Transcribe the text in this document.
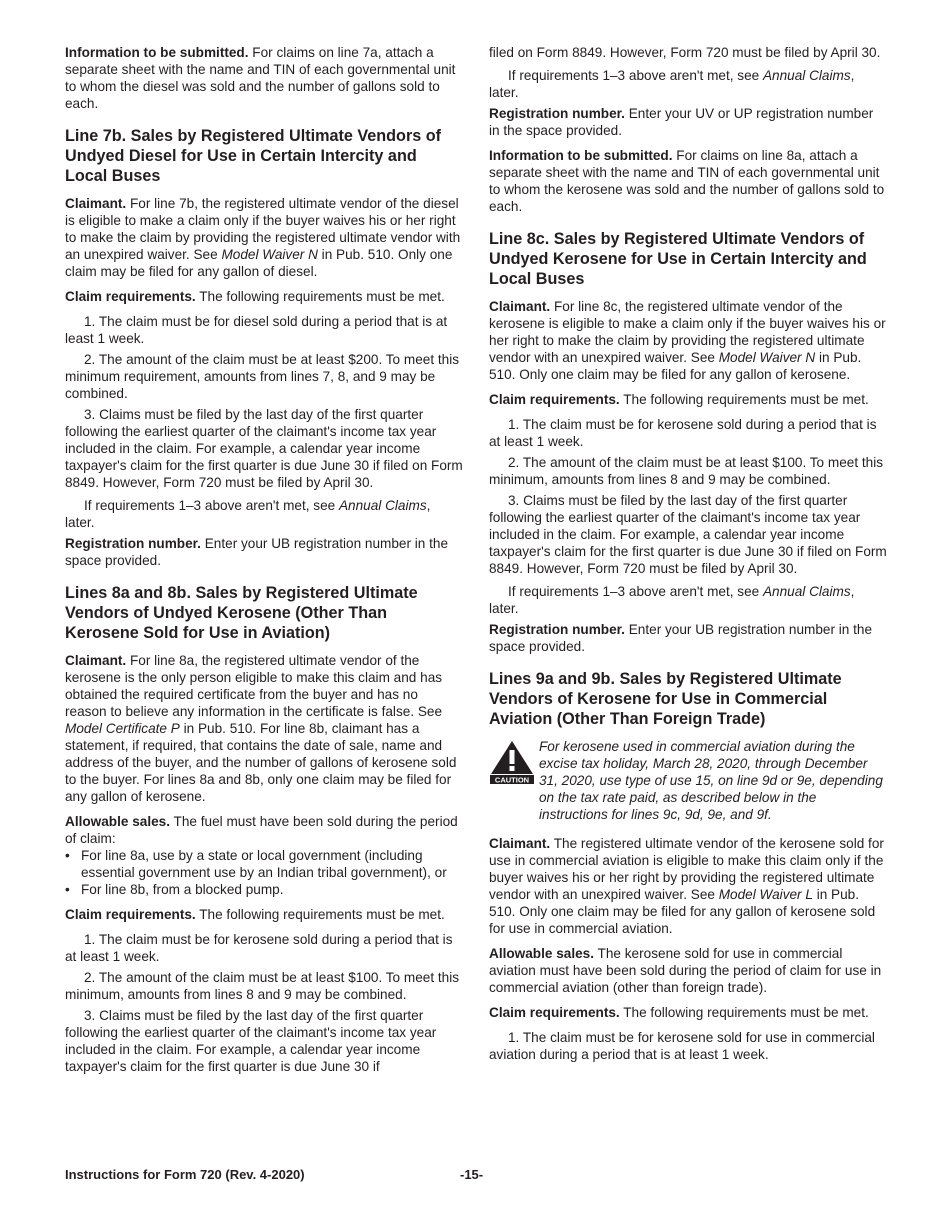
Information to be submitted. For claims on line 7a, attach a separate sheet with the name and TIN of each governmental unit to whom the diesel was sold and the number of gallons sold to each.

Line 7b. Sales by Registered Ultimate Vendors of Undyed Diesel for Use in Certain Intercity and Local Buses

Claimant. For line 7b, the registered ultimate vendor of the diesel is eligible to make a claim only if the buyer waives his or her right to make the claim by providing the registered ultimate vendor with an unexpired waiver. See Model Waiver N in Pub. 510. Only one claim may be filed for any gallon of diesel.

Claim requirements. The following requirements must be met.

1. The claim must be for diesel sold during a period that is at least 1 week.

2. The amount of the claim must be at least $200. To meet this minimum requirement, amounts from lines 7, 8, and 9 may be combined.

3. Claims must be filed by the last day of the first quarter following the earliest quarter of the claimant's income tax year included in the claim. For example, a calendar year income taxpayer's claim for the first quarter is due June 30 if filed on Form 8849. However, Form 720 must be filed by April 30.

If requirements 1–3 above aren't met, see Annual Claims, later.

Registration number. Enter your UB registration number in the space provided.

Lines 8a and 8b. Sales by Registered Ultimate Vendors of Undyed Kerosene (Other Than Kerosene Sold for Use in Aviation)

Claimant. For line 8a, the registered ultimate vendor of the kerosene is the only person eligible to make this claim and has obtained the required certificate from the buyer and has no reason to believe any information in the certificate is false. See Model Certificate P in Pub. 510. For line 8b, claimant has a statement, if required, that contains the date of sale, name and address of the buyer, and the number of gallons of kerosene sold to the buyer. For lines 8a and 8b, only one claim may be filed for any gallon of kerosene.

Allowable sales. The fuel must have been sold during the period of claim:

• For line 8a, use by a state or local government (including essential government use by an Indian tribal government), or
• For line 8b, from a blocked pump.

Claim requirements. The following requirements must be met.

1. The claim must be for kerosene sold during a period that is at least 1 week.

2. The amount of the claim must be at least $100. To meet this minimum, amounts from lines 8 and 9 may be combined.

3. Claims must be filed by the last day of the first quarter following the earliest quarter of the claimant's income tax year included in the claim. For example, a calendar year income taxpayer's claim for the first quarter is due June 30 if

filed on Form 8849. However, Form 720 must be filed by April 30.

If requirements 1–3 above aren't met, see Annual Claims, later.

Registration number. Enter your UV or UP registration number in the space provided.

Information to be submitted. For claims on line 8a, attach a separate sheet with the name and TIN of each governmental unit to whom the kerosene was sold and the number of gallons sold to each.

Line 8c. Sales by Registered Ultimate Vendors of Undyed Kerosene for Use in Certain Intercity and Local Buses

Claimant. For line 8c, the registered ultimate vendor of the kerosene is eligible to make a claim only if the buyer waives his or her right to make the claim by providing the registered ultimate vendor with an unexpired waiver. See Model Waiver N in Pub. 510. Only one claim may be filed for any gallon of kerosene.

Claim requirements. The following requirements must be met.

1. The claim must be for kerosene sold during a period that is at least 1 week.

2. The amount of the claim must be at least $100. To meet this minimum, amounts from lines 8 and 9 may be combined.

3. Claims must be filed by the last day of the first quarter following the earliest quarter of the claimant's income tax year included in the claim. For example, a calendar year income taxpayer's claim for the first quarter is due June 30 if filed on Form 8849. However, Form 720 must be filed by April 30.

If requirements 1–3 above aren't met, see Annual Claims, later.

Registration number. Enter your UB registration number in the space provided.

Lines 9a and 9b. Sales by Registered Ultimate Vendors of Kerosene for Use in Commercial Aviation (Other Than Foreign Trade)
CAUTION
For kerosene used in commercial aviation during the excise tax holiday, March 28, 2020, through December 31, 2020, use type of use 15, on line 9d or 9e, depending on the tax rate paid, as described below in the instructions for lines 9c, 9d, 9e, and 9f.

Claimant. The registered ultimate vendor of the kerosene sold for use in commercial aviation is eligible to make this claim only if the buyer waives his or her right by providing the registered ultimate vendor with an unexpired waiver. See Model Waiver L in Pub. 510. Only one claim may be filed for any gallon of kerosene sold for use in commercial aviation.

Allowable sales. The kerosene sold for use in commercial aviation must have been sold during the period of claim for use in commercial aviation (other than foreign trade).

Claim requirements. The following requirements must be met.

1. The claim must be for kerosene sold for use in commercial aviation during a period that is at least 1 week.

Instructions for Form 720 (Rev. 4-2020)	-15-
